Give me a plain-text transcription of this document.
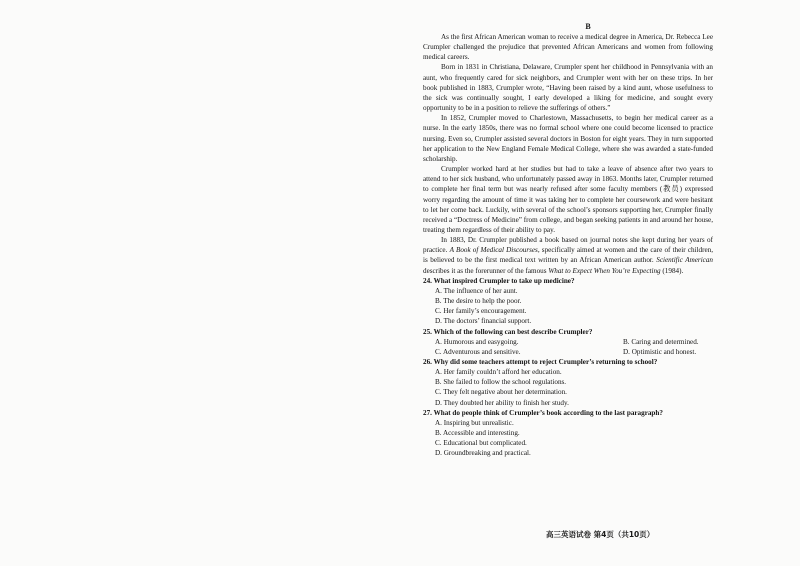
B

As the first African American woman to receive a medical degree in America, Dr. Rebecca Lee Crumpler challenged the prejudice that prevented African Americans and women from following medical careers.

Born in 1831 in Christiana, Delaware, Crumpler spent her childhood in Pennsylvania with an aunt, who frequently cared for sick neighbors, and Crumpler went with her on these trips. In her book published in 1883, Crumpler wrote, “Having been raised by a kind aunt, whose usefulness to the sick was continually sought, I early developed a liking for medicine, and sought every opportunity to be in a position to relieve the sufferings of others.”

In 1852, Crumpler moved to Charlestown, Massachusetts, to begin her medical career as a nurse. In the early 1850s, there was no formal school where one could become licensed to practice nursing. Even so, Crumpler assisted several doctors in Boston for eight years. They in turn supported her application to the New England Female Medical College, where she was awarded a state-funded scholarship.

Crumpler worked hard at her studies but had to take a leave of absence after two years to attend to her sick husband, who unfortunately passed away in 1863. Months later, Crumpler returned to complete her final term but was nearly refused after some faculty members (教员) expressed worry regarding the amount of time it was taking her to complete her coursework and were hesitant to let her come back. Luckily, with several of the school’s sponsors supporting her, Crumpler finally received a “Doctress of Medicine” from college, and began seeking patients in and around her house, treating them regardless of their ability to pay.

In 1883, Dr. Crumpler published a book based on journal notes she kept during her years of practice. A Book of Medical Discourses, specifically aimed at women and the care of their children, is believed to be the first medical text written by an African American author. Scientific American describes it as the forerunner of the famous What to Expect When You’re Expecting (1984).

24. What inspired Crumpler to take up medicine?

A. The influence of her aunt.

B. The desire to help the poor.

C. Her family’s encouragement.

D. The doctors’ financial support.

25. Which of the following can best describe Crumpler?

A. Humorous and easygoing.	B. Caring and determined.
C. Adventurous and sensitive.	D. Optimistic and honest.

26. Why did some teachers attempt to reject Crumpler’s returning to school?

A. Her family couldn’t afford her education.

B. She failed to follow the school regulations.

C. They felt negative about her determination.

D. They doubted her ability to finish her study.

27. What do people think of Crumpler’s book according to the last paragraph?

A. Inspiring but unrealistic.

B. Accessible and interesting.

C. Educational but complicated.

D. Groundbreaking and practical.

高三英语试卷 第4页（共10页）
